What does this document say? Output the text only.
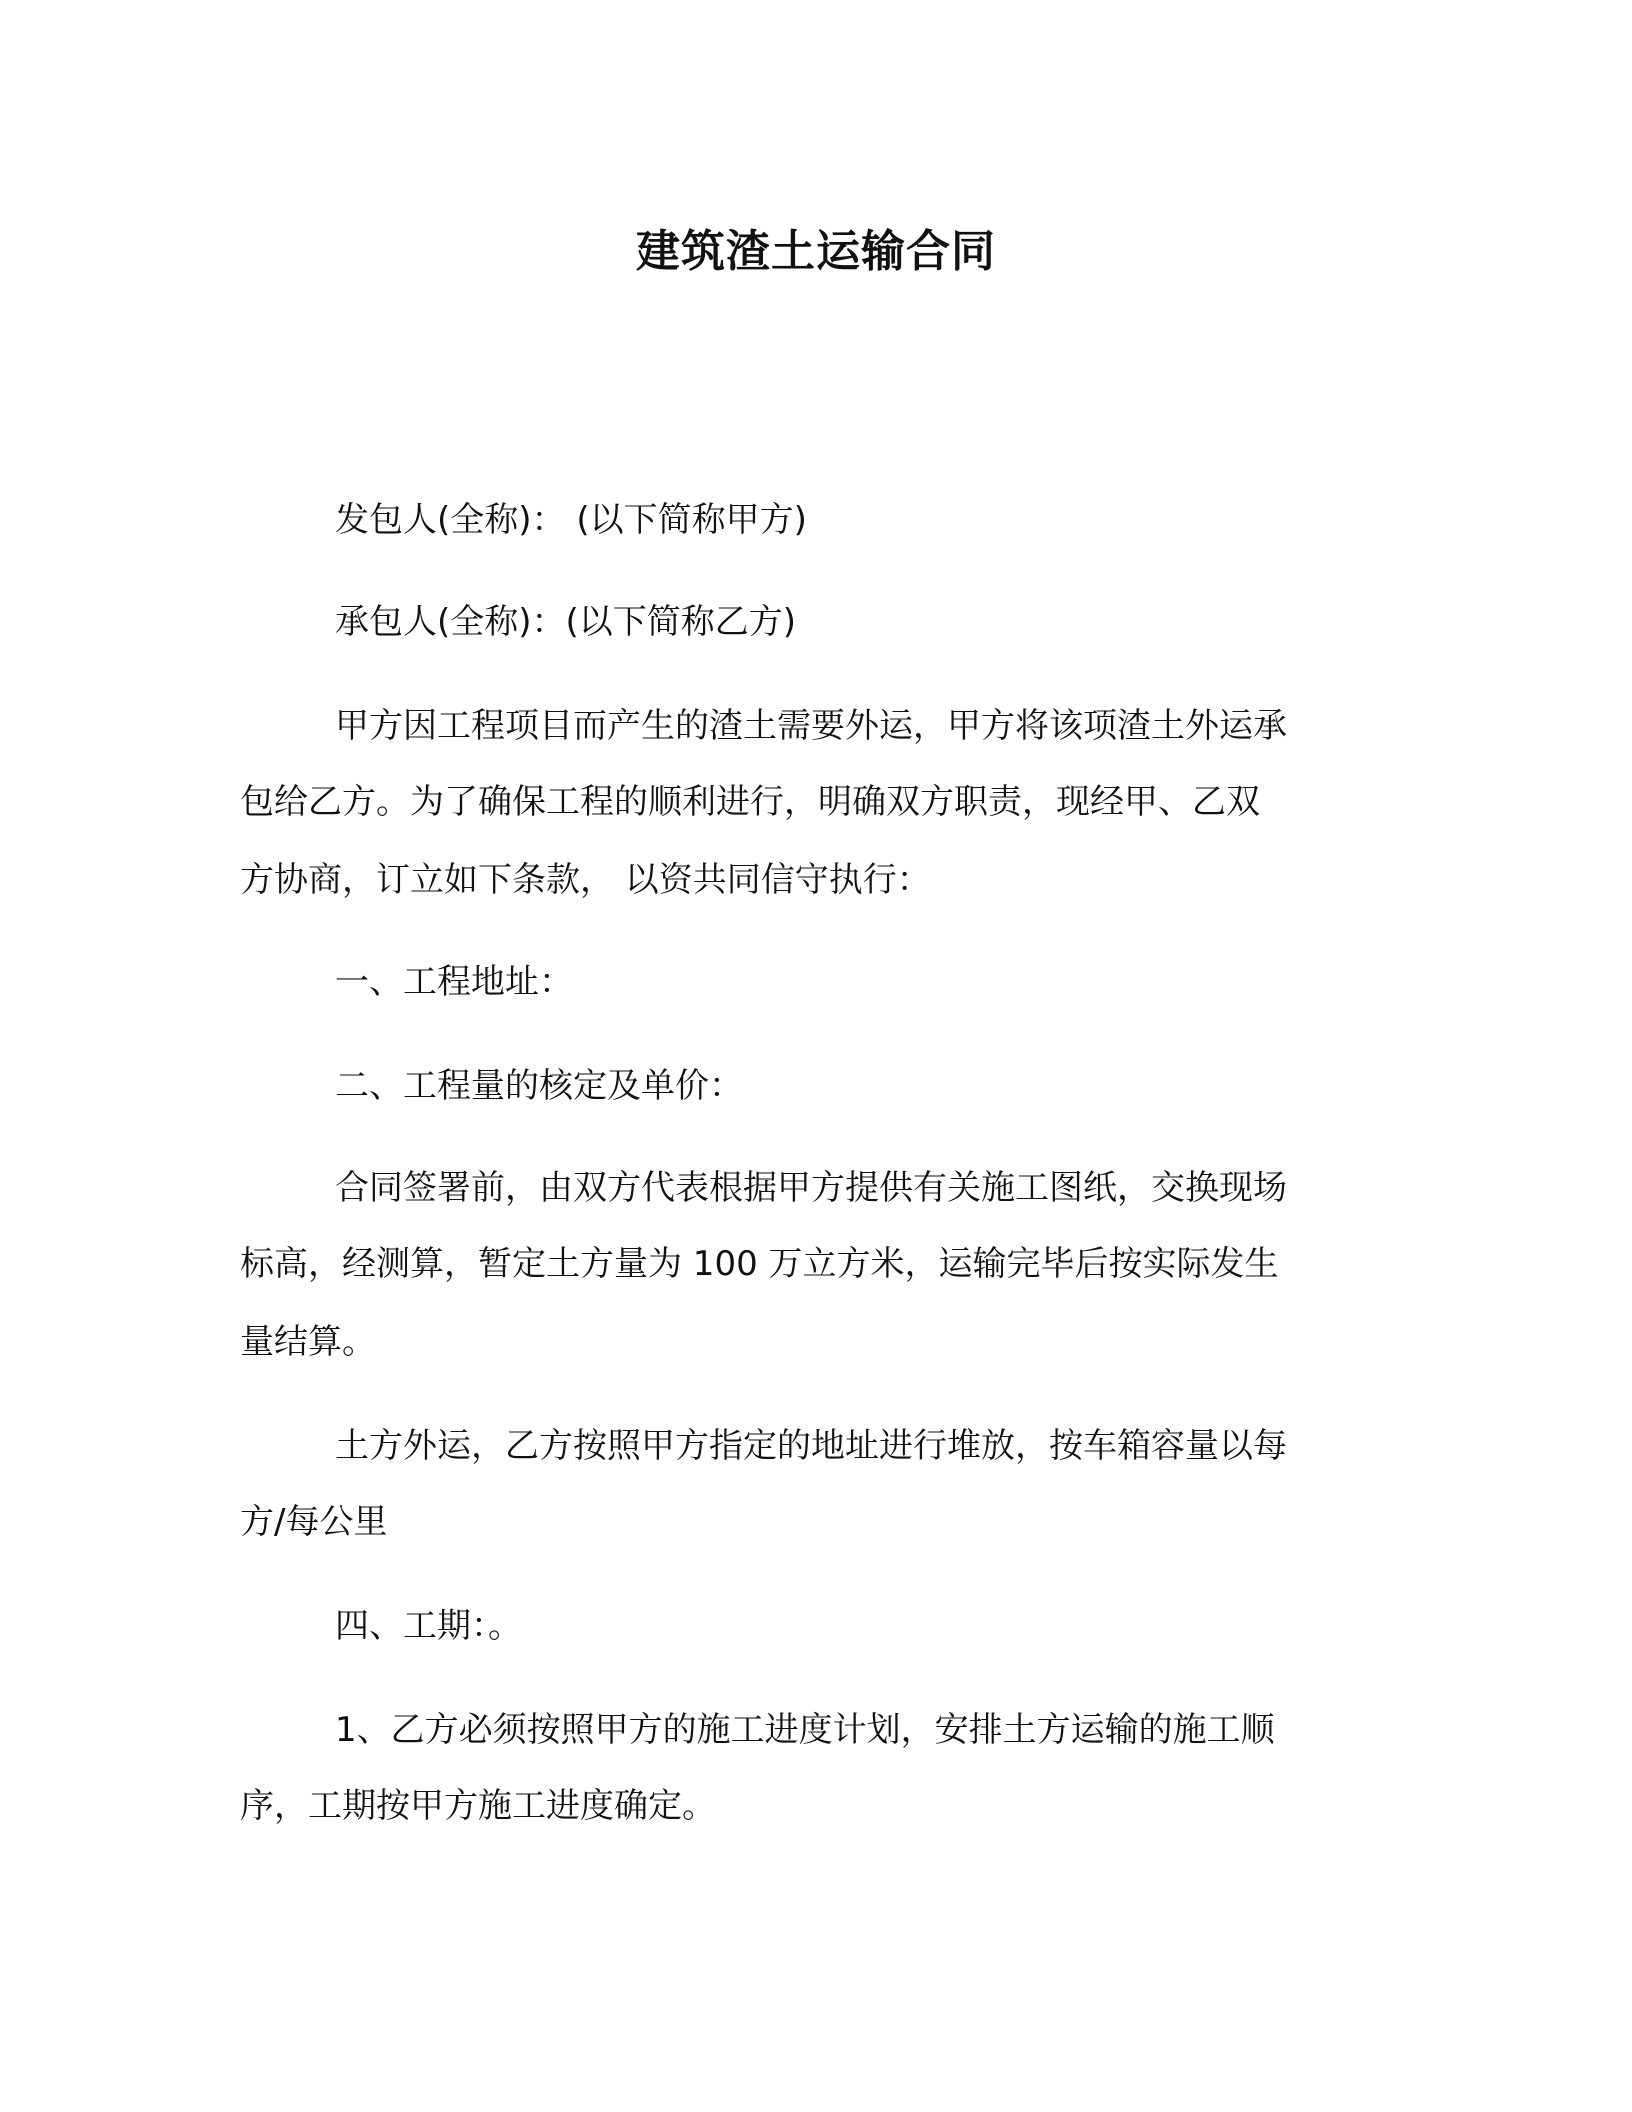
建筑渣土运输合同
发包人(全称)： (以下简称甲方)
承包人(全称)：(以下简称乙方)
甲方因工程项目而产生的渣土需要外运，甲方将该项渣土外运承
包给乙方。为了确保工程的顺利进行，明确双方职责，现经甲、乙双
方协商，订立如下条款， 以资共同信守执行：
一、工程地址：
二、工程量的核定及单价：
合同签署前，由双方代表根据甲方提供有关施工图纸，交换现场
标高，经测算，暂定土方量为 100 万立方米，运输完毕后按实际发生
量结算。
土方外运，乙方按照甲方指定的地址进行堆放，按车箱容量以每
方/每公里
四、工期：。
1、乙方必须按照甲方的施工进度计划，安排土方运输的施工顺
序，工期按甲方施工进度确定。
